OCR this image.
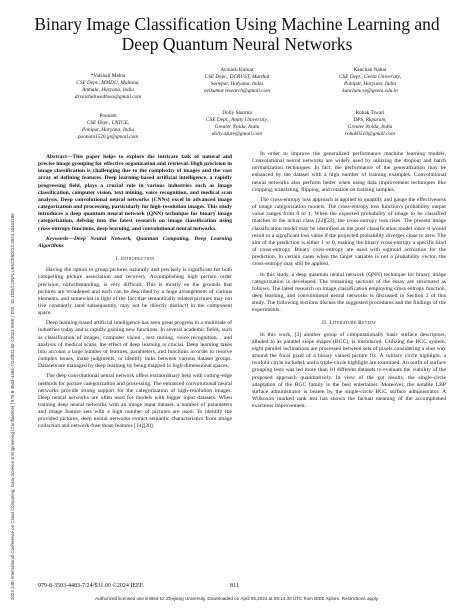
2024 14th International Conference on Cloud Computing, Data Science & Engineering (Confluence) | 979-8-3503-4483-7/24/$31.00 ©2024 IEEE | DOI: 10.1109/CONFLUENCE60223.2024.10463286
Binary Image Classification Using Machine Learning and Deep Quantum Neural Networks
*Vaishali Mehta
CSE Dept., MMDU, Mullana,
Ambala, Haryana, India
drvaishaliwadhwa@gmail.com
Avinash Kumar
CSE Dept., DCRUST, Murthal
Sonepat, Haryana, India
avikumar.research@gmail.com
Kanchan Nahar
CSE Dept., Geeta University,
Panipat, Haryana, India
kanchancse@geeta.edu.in
Poonam
CSE Dept., LNTCE,
Panipat, Haryana, India
poonam1520.jp@gmail.com
Dolly Sharma
CSE Dept., Amity University,
Greater Noida, India
dolly.azure@gmail.com
Rohak Tiwari
DPS, Rkpuram,
Greater Noida, India
rohak0510@gmail.com

Abstract—This paper helps to explore the intricate task of natural and precise image grouping for effective organization and retrieval. High precision in image classification is challenging due to the complexity of images and the vast array of defining features. Deep learning-based artificial intelligence, a rapidly progressing field, plays a crucial role in various industries such as image classification, computer vision, text mining, voice recognition, and medical scan analysis. Deep convolutional neural networks (CNNs) excel in advanced image categorization and processing, particularly for high-resolution images. This study introduces a deep quantum neural network (QNN) technique for binary image categorization, delving into the latest research on image classification using cross-entropy functions, deep learning, and convolutional neural networks.

Keywords—Deep Neural Network, Quantum Computing, Deep Learning Algorithms

I. Introduction

Having the option to group pictures naturally and precisely is significant for both compelling picture association and recovery. Accomplishing high picture order precision, notwithstanding, is very difficult. This is mostly on the grounds that pictures are broadened and each can be described by a huge arrangement of various elements, and somewhat in light of the fact that semantically related pictures may not live constantly (and subsequently, may not be directly distinct) in the component space.

Deep learning-based artificial intelligence has seen great progress in a multitude of industries today and is rapidly gaining new functions. In several academic fields, such as classification of images, computer vision , text mining, voice recognition, , and analysis of medical scans, the effect of deep learning is crucial. Deep learning takes into account a large number of features, parameters, and functions in order to resolve complex issues, make judgments, or identify links between various dataset groups. Datasets are managed by deep learning by being mapped to high-dimensional spaces.

The deep convolutional neural network offers extraordinary help with cutting-edge methods for picture categorization and processing. The enhanced convolutional neural networks provide strong support for the categorization of high-resolution images. Deep neural networks are often used for models with bigger input datasets. When training deep neural networks with an image input dataset, a number of parameters and image feature sets with a high number of pictures are used. To identify the provided pictures, deep neural networks extract semantic characteristics from image collection and network-fuse those features [14][20].

In order to improve the generalized performance machine learning models, Convolutional neural networks are widely used by utilizing the dropout and batch normalization techniques. In fact, the performance of the generalization may be enhanced by the dataset with a high number of training examples. Convolutional neural networks also perform better when using data improvement techniques like cropping, translating, flipping, and rotation on training samples.

The cross-entropy loss approach is applied to quantify and gauge the effectiveness of image categorization models. The cross-entropy loss function's probability output value ranges from 0 to 1. When the expected probability of image to be classified matches to the actual class [22][23], the cross-entropy loss rises. The present image classification model may be identified as the poor classification model since it would result in a significant loss value if the projected probability diverges close to zero. The aim of the prediction is either 1 or 0, making the binary cross-entropy a specific kind of cross-entropy. Binary cross-entropy are used with sigmoid activation for the prediction. In certain cases when the target variable is not a probability vector, the cross-entropy may still be applied.

In this study, a deep quantum neural network (QNN) technique for binary image categorization is developed. The remaining sections of the essay are structured as follows. The latest research on image classification employing cross entropy function, deep learning, and convolutional neural networks is discussed in Section 2 of this study. The following sections discuss the suggested procedures and the findings of the experiments.

II. Literature Review

In this work, [3] another group of computationally basic surface descriptors, alluded to as parallel slope shapes (BGC), is introduced. Utilizing the BGC system, eight parallel inclinations are processed between sets of pixels considering a shut way around the focal pixel of a binary valued picture fix. A solitary circle highlight, a twofold circle included, and a triple-circle highlight are examined. An outfit of surface grouping tests was led more than 10 different datasets to evaluate the viability of the proposed approach quantitatively. In view of the got results, the single-circle adaptation of the BGC family is the best entertainer. Moreover, the notable LBP surface administrator is beaten by the single-circle BGC surface administrator. A Wilkoxon marked rank test has shown the factual meaning of the accomplished exactness improvement.

979-8-3503-4483-7/24/$31.00 ©2024 IEEE	811
Authorized licensed use limited to: Zhejiang University. Downloaded on April 06,2024 at 09:14:30 UTC from IEEE Xplore. Restrictions apply.
